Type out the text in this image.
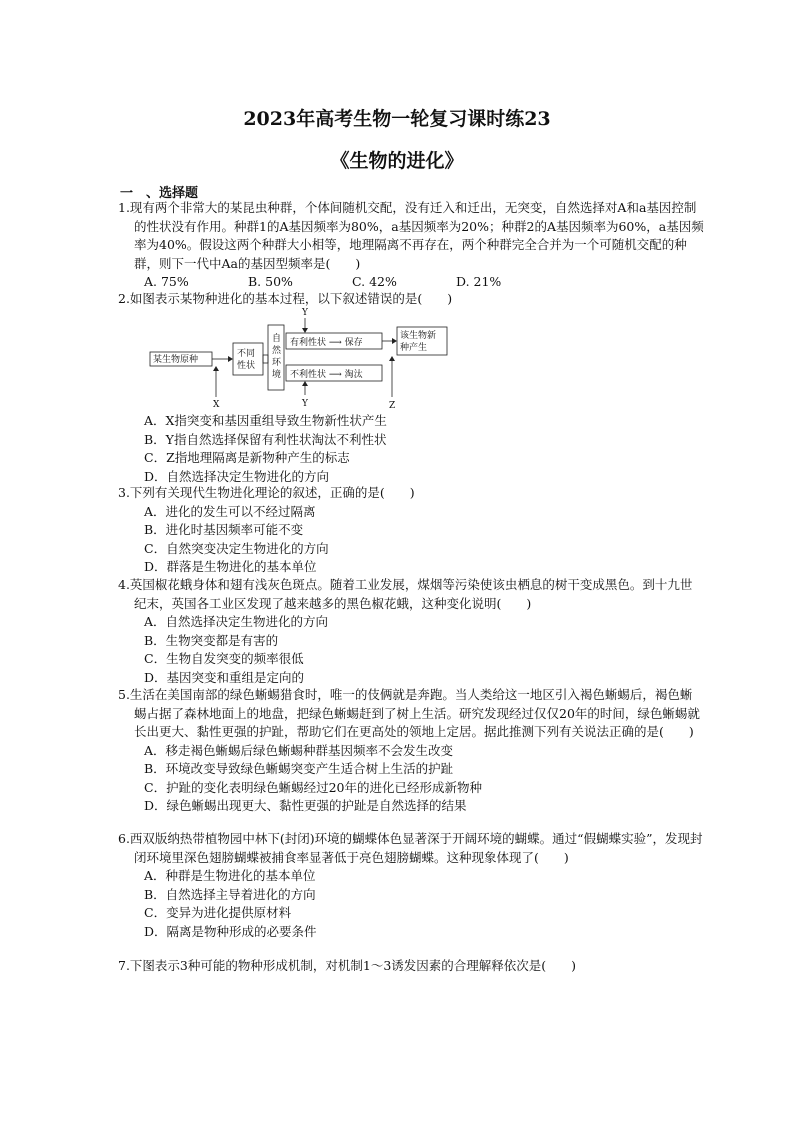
2023年高考生物一轮复习课时练23
《生物的进化》
一　、选择题
1.现有两个非常大的某昆虫种群，个体间随机交配，没有迁入和迁出，无突变，自然选择对A和a基因控制的性状没有作用。种群1的A基因频率为80%，a基因频率为20%；种群2的A基因频率为60%，a基因频率为40%。假设这两个种群大小相等，地理隔离不再存在，两个种群完全合并为一个可随机交配的种群，则下一代中Aa的基因型频率是(　　)
A. 75%	B. 50%	C. 42%	D. 21%
2.如图表示某物种进化的基本过程，以下叙述错误的是(　　)
某生物原种
不同
性状
X
自
然
环
境
有利性状 ⟶ 保存
不利性状 ⟶ 淘汰
Y
Y
该生物新
种产生
Z
A．X指突变和基因重组导致生物新性状产生
B．Y指自然选择保留有利性状淘汰不利性状
C．Z指地理隔离是新物种产生的标志
D．自然选择决定生物进化的方向
3.下列有关现代生物进化理论的叙述，正确的是(　　)
A．进化的发生可以不经过隔离
B．进化时基因频率可能不变
C．自然突变决定生物进化的方向
D．群落是生物进化的基本单位
4.英国椒花蛾身体和翅有浅灰色斑点。随着工业发展，煤烟等污染使该虫栖息的树干变成黑色。到十九世纪末，英国各工业区发现了越来越多的黑色椒花蛾，这种变化说明(　　)
A．自然选择决定生物进化的方向
B．生物突变都是有害的
C．生物自发突变的频率很低
D．基因突变和重组是定向的
5.生活在美国南部的绿色蜥蜴猎食时，唯一的伎俩就是奔跑。当人类给这一地区引入褐色蜥蜴后，褐色蜥蜴占据了森林地面上的地盘，把绿色蜥蜴赶到了树上生活。研究发现经过仅仅20年的时间，绿色蜥蜴就长出更大、黏性更强的护趾，帮助它们在更高处的领地上定居。据此推测下列有关说法正确的是(　　)
A．移走褐色蜥蜴后绿色蜥蜴种群基因频率不会发生改变
B．环境改变导致绿色蜥蜴突变产生适合树上生活的护趾
C．护趾的变化表明绿色蜥蜴经过20年的进化已经形成新物种
D．绿色蜥蜴出现更大、黏性更强的护趾是自然选择的结果
6.西双版纳热带植物园中林下(封闭)环境的蝴蝶体色显著深于开阔环境的蝴蝶。通过“假蝴蝶实验”，发现封闭环境里深色翅膀蝴蝶被捕食率显著低于亮色翅膀蝴蝶。这种现象体现了(　　)
A．种群是生物进化的基本单位
B．自然选择主导着进化的方向
C．变异为进化提供原材料
D．隔离是物种形成的必要条件
7.下图表示3种可能的物种形成机制，对机制1～3诱发因素的合理解释依次是(　　)
